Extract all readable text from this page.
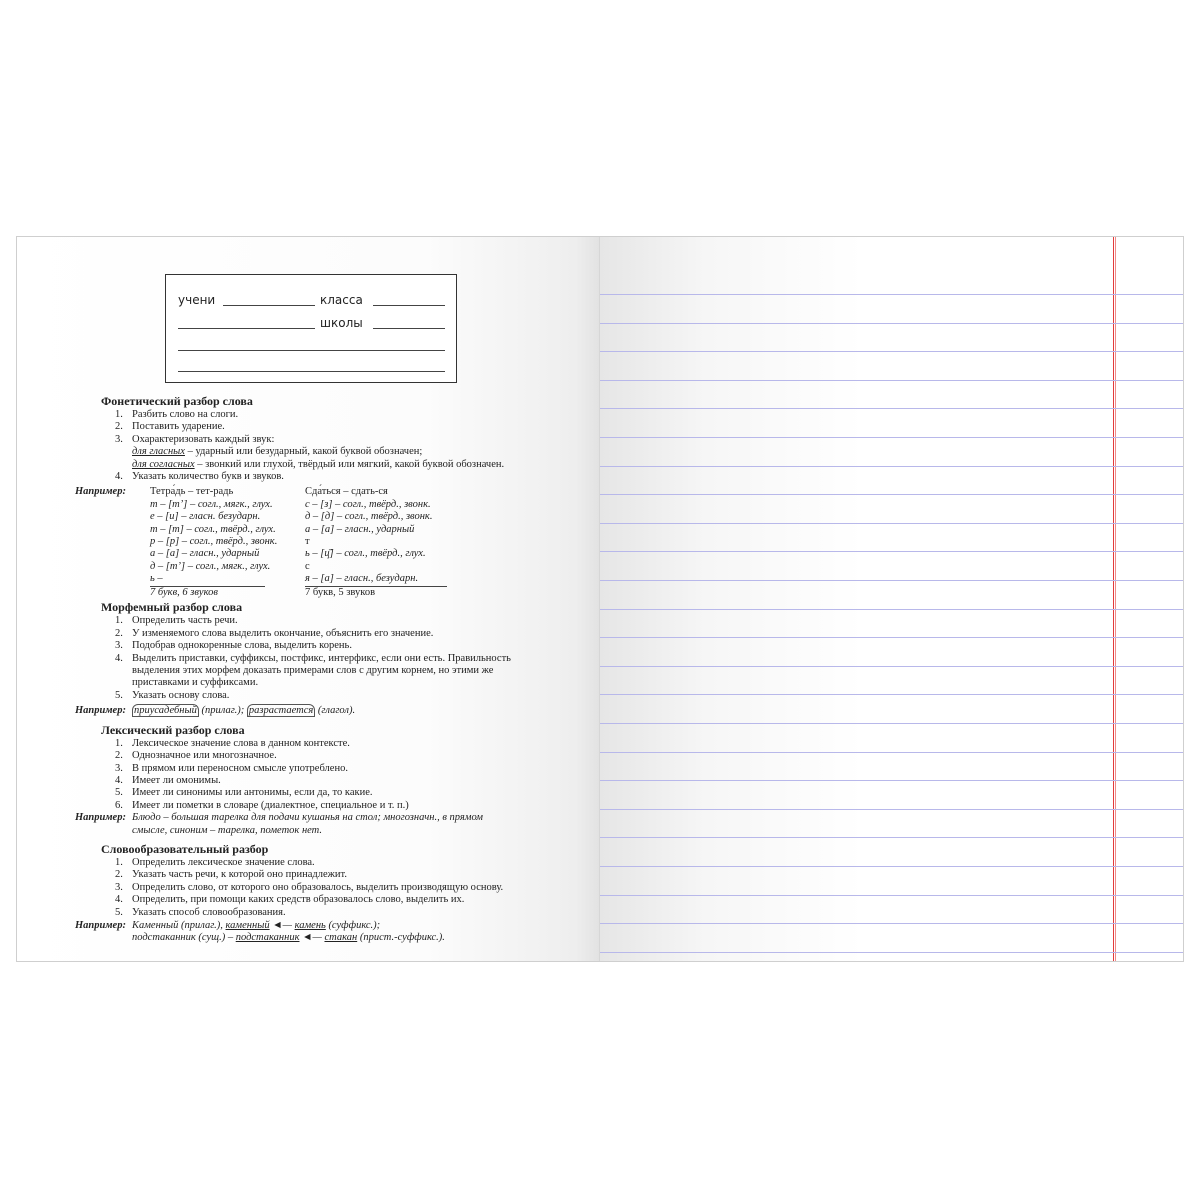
учени	класса
школы
Фонетический разбор слова
1. Разбить слово на слоги.
2. Поставить ударение.
3. Охарактеризовать каждый звук:
для гласных – ударный или безударный, какой буквой обозначен;
для согласных – звонкий или глухой, твёрдый или мягкий, какой буквой обозначен.
4. Указать количество букв и звуков.
Например: Тетра́дь – тет-радь
т – [т’] – согл., мягк., глух.
е – [и] – гласн. безударн.
т – [т] – согл., твёрд., глух.
р – [р] – согл., твёрд., звонк.
а – [а] – гласн., ударный
д – [т’] – согл., мягк., глух.
ь –
7 букв, 6 звуков
Сда́ться – сдать-ся
с – [з] – согл., твёрд., звонк.
д – [д] – согл., твёрд., звонк.
а – [а] – гласн., ударный
т
ь – [ц̄] – согл., твёрд., глух.
с
я – [а] – гласн., безударн.
7 букв, 5 звуков
Морфемный разбор слова
1. Определить часть речи.
2. У изменяемого слова выделить окончание, объяснить его значение.
3. Подобрав однокоренные слова, выделить корень.
4. Выделить приставки, суффиксы, постфикс, интерфикс, если они есть. Правильность
выделения этих морфем доказать примерами слов с другим корнем, но этими же
приставками и суффиксами.
5. Указать основу слова.
Например: приусадебный (прилаг.); разрастается (глагол).
Лексический разбор слова
1. Лексическое значение слова в данном контексте.
2. Однозначное или многозначное.
3. В прямом или переносном смысле употреблено.
4. Имеет ли омонимы.
5. Имеет ли синонимы или антонимы, если да, то какие.
6. Имеет ли пометки в словаре (диалектное, специальное и т. п.)
Например: Блюдо – большая тарелка для подачи кушанья на стол; многозначн., в прямом
смысле, синоним – тарелка, пометок нет.
Словообразовательный разбор
1. Определить лексическое значение слова.
2. Указать часть речи, к которой оно принадлежит.
3. Определить слово, от которого оно образовалось, выделить производящую основу.
4. Определить, при помощи каких средств образовалось слово, выделить их.
5. Указать способ словообразования.
Например: Каменный (прилаг.), каменный ◄— камень (суффикс.);
подстаканник (сущ.) – подстаканник ◄— стакан (прист.-суффикс.).
